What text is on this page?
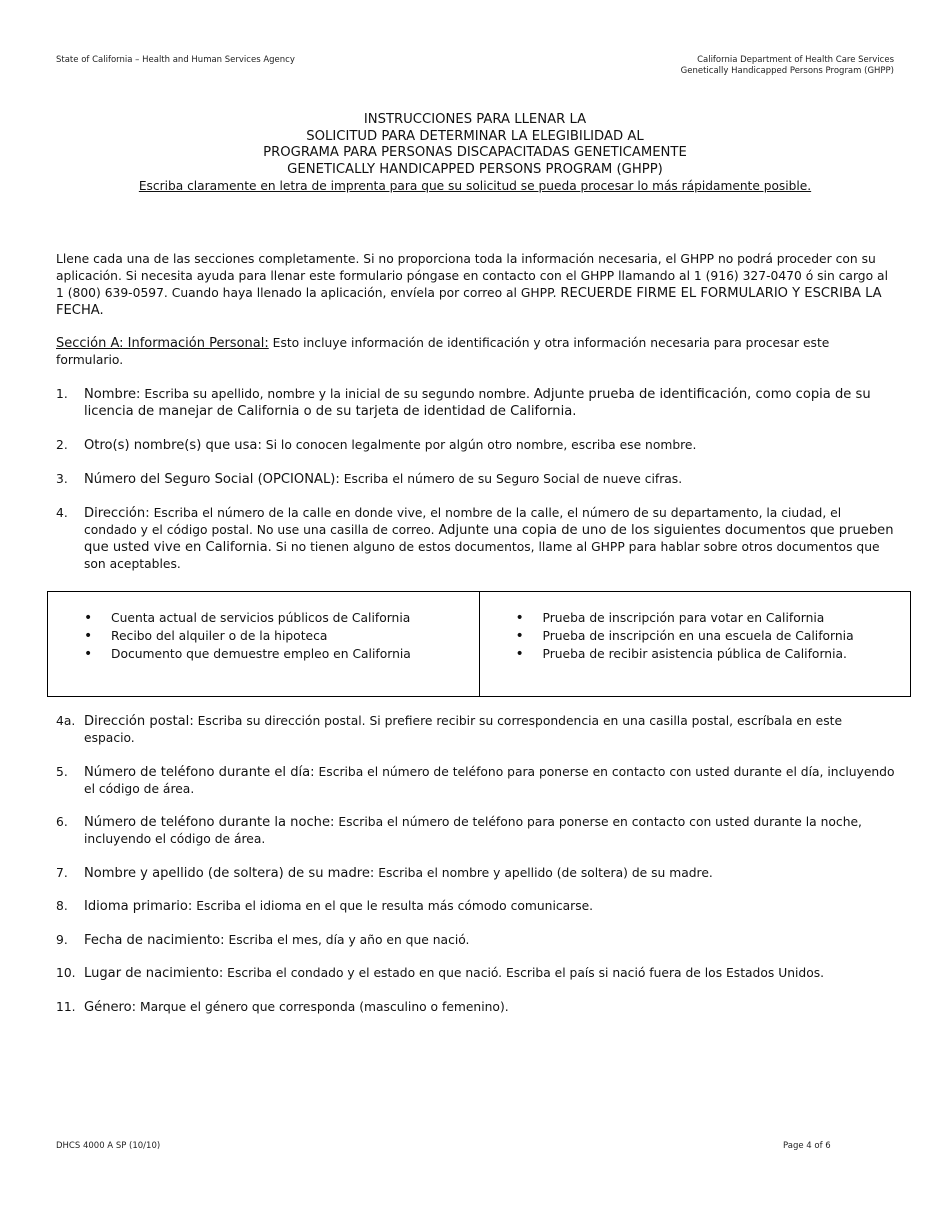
State of California – Health and Human Services Agency	California Department of Health Care Services
Genetically Handicapped Persons Program (GHPP)
INSTRUCCIONES PARA LLENAR LA
SOLICITUD PARA DETERMINAR LA ELEGIBILIDAD AL
PROGRAMA PARA PERSONAS DISCAPACITADAS GENETICAMENTE
GENETICALLY HANDICAPPED PERSONS PROGRAM (GHPP)
Escriba claramente en letra de imprenta para que su solicitud se pueda procesar lo más rápidamente posible.

Llene cada una de las secciones completamente. Si no proporciona toda la información necesaria, el GHPP no podrá proceder con su aplicación. Si necesita ayuda para llenar este formulario póngase en contacto con el GHPP llamando al 1 (916) 327-0470 ó sin cargo al 1 (800) 639-0597. Cuando haya llenado la aplicación, envíela por correo al GHPP. RECUERDE FIRME EL FORMULARIO Y ESCRIBA LA FECHA.

Sección A: Información Personal: Esto incluye información de identificación y otra información necesaria para procesar este formulario.

1. Nombre: Escriba su apellido, nombre y la inicial de su segundo nombre. Adjunte prueba de identificación, como copia de su licencia de manejar de California o de su tarjeta de identidad de California.
2. Otro(s) nombre(s) que usa: Si lo conocen legalmente por algún otro nombre, escriba ese nombre.
3. Número del Seguro Social (OPCIONAL): Escriba el número de su Seguro Social de nueve cifras.
4. Dirección: Escriba el número de la calle en donde vive, el nombre de la calle, el número de su departamento, la ciudad, el condado y el código postal. No use una casilla de correo. Adjunte una copia de uno de los siguientes documentos que prueben que usted vive en California. Si no tienen alguno de estos documentos, llame al GHPP para hablar sobre otros documentos que son aceptables.
• Cuenta actual de servicios públicos de California
• Recibo del alquiler o de la hipoteca
• Documento que demuestre empleo en California
• Prueba de inscripción para votar en California
• Prueba de inscripción en una escuela de California
• Prueba de recibir asistencia pública de California.
4a. Dirección postal: Escriba su dirección postal. Si prefiere recibir su correspondencia en una casilla postal, escríbala en este espacio.
5. Número de teléfono durante el día: Escriba el número de teléfono para ponerse en contacto con usted durante el día, incluyendo el código de área.
6. Número de teléfono durante la noche: Escriba el número de teléfono para ponerse en contacto con usted durante la noche, incluyendo el código de área.
7. Nombre y apellido (de soltera) de su madre: Escriba el nombre y apellido (de soltera) de su madre.
8. Idioma primario: Escriba el idioma en el que le resulta más cómodo comunicarse.
9. Fecha de nacimiento: Escriba el mes, día y año en que nació.
10. Lugar de nacimiento: Escriba el condado y el estado en que nació. Escriba el país si nació fuera de los Estados Unidos.
11. Género: Marque el género que corresponda (masculino o femenino).
DHCS 4000 A SP (10/10)	Page 4 of 6
